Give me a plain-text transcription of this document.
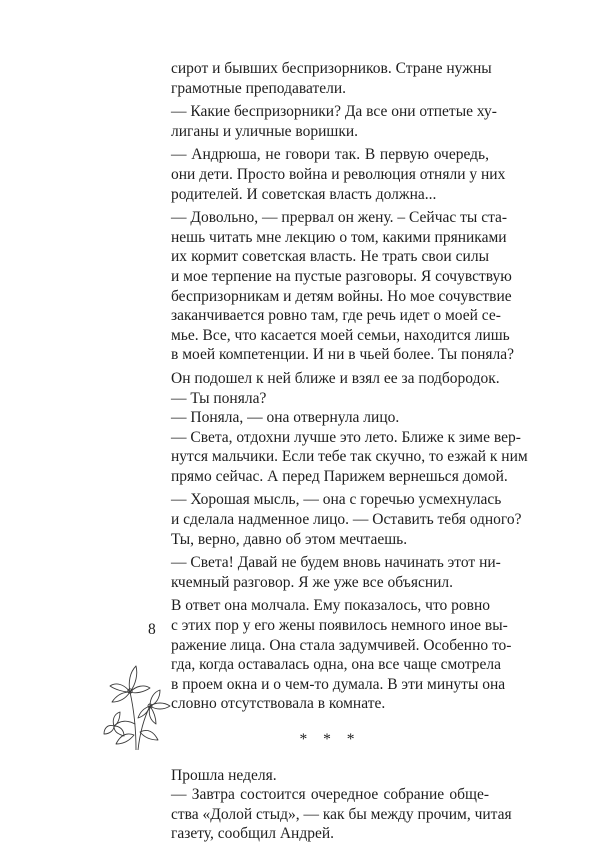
сирот и бывших беспризорников. Стране нужны
грамотные преподаватели.
— Какие беспризорники? Да все они отпетые ху-
лиганы и уличные воришки.
— Андрюша, не говори так. В первую очередь,
они дети. Просто война и революция отняли у них
родителей. И советская власть должна...
— Довольно, — прервал он жену. – Сейчас ты ста-
нешь читать мне лекцию о том, какими пряниками
их кормит советская власть. Не трать свои силы
и мое терпение на пустые разговоры. Я сочувствую
беспризорникам и детям войны. Но мое сочувствие
заканчивается ровно там, где речь идет о моей се-
мье. Все, что касается моей семьи, находится лишь
в моей компетенции. И ни в чьей более. Ты поняла?
Он подошел к ней ближе и взял ее за подбородок.
— Ты поняла?
— Поняла, — она отвернула лицо.
— Света, отдохни лучше это лето. Ближе к зиме вер-
нутся мальчики. Если тебе так скучно, то езжай к ним
прямо сейчас. А перед Парижем вернешься домой.
— Хорошая мысль, — она с горечью усмехнулась
и сделала надменное лицо. — Оставить тебя одного?
Ты, верно, давно об этом мечтаешь.
— Света! Давай не будем вновь начинать этот ни-
кчемный разговор. Я же уже все объяснил.
В ответ она молчала. Ему показалось, что ровно
с этих пор у его жены появилось немного иное вы-
ражение лица. Она стала задумчивей. Особенно то-
гда, когда оставалась одна, она все чаще смотрела
в проем окна и о чем-то думала. В эти минуты она
словно отсутствовала в комнате.
* * *
Прошла неделя.
— Завтра состоится очередное собрание обще-
ства «Долой стыд», — как бы между прочим, читая
газету, сообщил Андрей.
8
